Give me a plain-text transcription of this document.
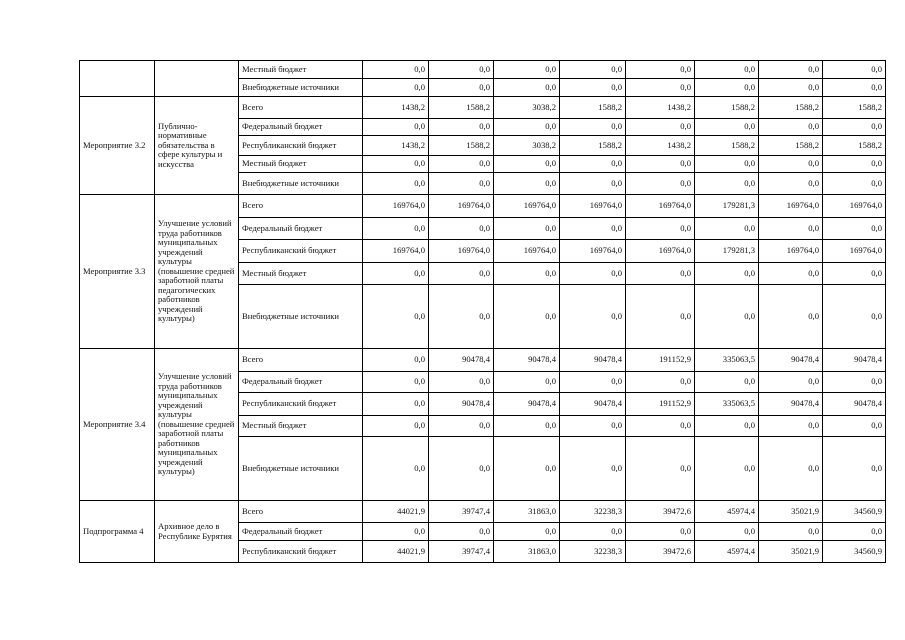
		Местный бюджет	0,0	0,0	0,0	0,0	0,0	0,0	0,0	0,0
		Внебюджетные источники	0,0	0,0	0,0	0,0	0,0	0,0	0,0	0,0
Мероприятие 3.2	Публично-нормативные обязательства в сфере культуры и искусства	Всего	1438,2	1588,2	3038,2	1588,2	1438,2	1588,2	1588,2	1588,2
		Федеральный бюджет	0,0	0,0	0,0	0,0	0,0	0,0	0,0	0,0
		Республиканский бюджет	1438,2	1588,2	3038,2	1588,2	1438,2	1588,2	1588,2	1588,2
		Местный бюджет	0,0	0,0	0,0	0,0	0,0	0,0	0,0	0,0
		Внебюджетные источники	0,0	0,0	0,0	0,0	0,0	0,0	0,0	0,0
Мероприятие 3.3	Улучшение условий труда работников муниципальных учреждений культуры (повышение средней заработной платы педагогических работников учреждений культуры)	Всего	169764,0	169764,0	169764,0	169764,0	169764,0	179281,3	169764,0	169764,0
		Федеральный бюджет	0,0	0,0	0,0	0,0	0,0	0,0	0,0	0,0
		Республиканский бюджет	169764,0	169764,0	169764,0	169764,0	169764,0	179281,3	169764,0	169764,0
		Местный бюджет	0,0	0,0	0,0	0,0	0,0	0,0	0,0	0,0
		Внебюджетные источники	0,0	0,0	0,0	0,0	0,0	0,0	0,0	0,0
Мероприятие 3.4	Улучшение условий труда работников муниципальных учреждений культуры (повышение средней заработной платы работников муниципальных учреждений культуры)	Всего	0,0	90478,4	90478,4	90478,4	191152,9	335063,5	90478,4	90478,4
		Федеральный бюджет	0,0	0,0	0,0	0,0	0,0	0,0	0,0	0,0
		Республиканский бюджет	0,0	90478,4	90478,4	90478,4	191152,9	335063,5	90478,4	90478,4
		Местный бюджет	0,0	0,0	0,0	0,0	0,0	0,0	0,0	0,0
		Внебюджетные источники	0,0	0,0	0,0	0,0	0,0	0,0	0,0	0,0
Подпрограмма 4	Архивное дело в Республике Бурятия	Всего	44021,9	39747,4	31863,0	32238,3	39472,6	45974,4	35021,9	34560,9
		Федеральный бюджет	0,0	0,0	0,0	0,0	0,0	0,0	0,0	0,0
		Республиканский бюджет	44021,9	39747,4	31863,0	32238,3	39472,6	45974,4	35021,9	34560,9
